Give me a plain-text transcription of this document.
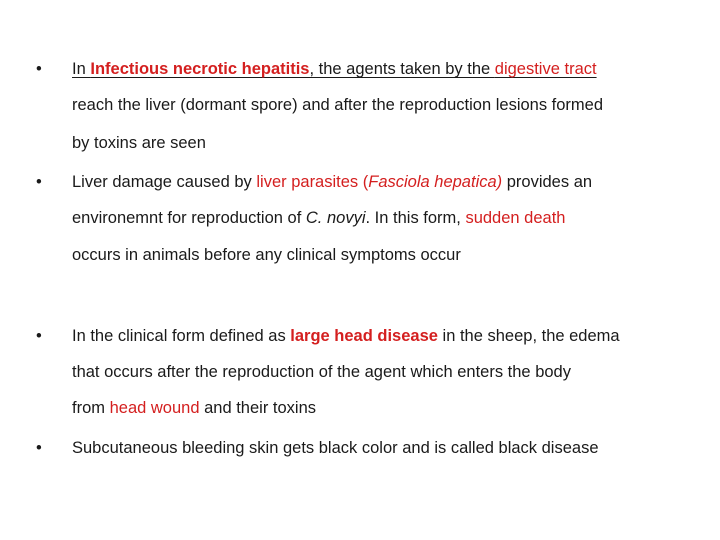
•	In Infectious necrotic hepatitis, the agents taken by the digestive tract
reach the liver (dormant spore) and after the reproduction lesions formed
by toxins are seen
•	Liver damage caused by liver parasites (Fasciola hepatica) provides an
environemnt for reproduction of C. novyi. In this form, sudden death
occurs in animals before any clinical symptoms occur
•	In the clinical form defined as large head disease in the sheep, the edema
that occurs after the reproduction of the agent which enters the body
from head wound and their toxins
•	Subcutaneous bleeding skin gets black color and is called black disease
